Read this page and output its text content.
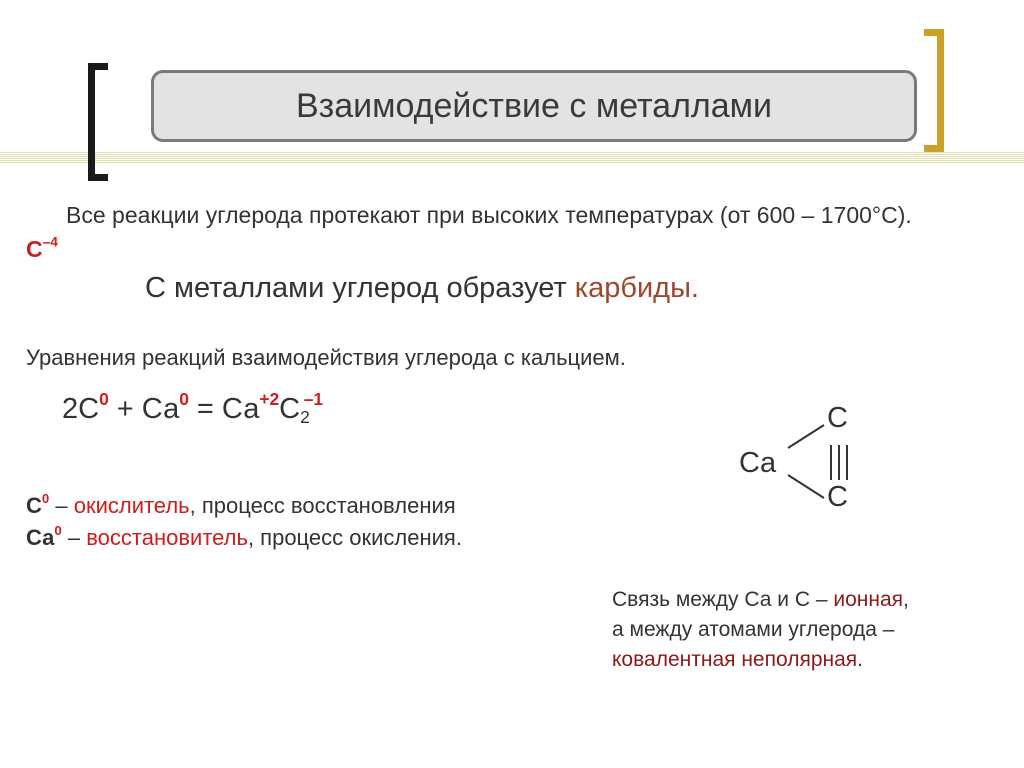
Взаимодействие с металлами
Все реакции углерода протекают при высоких температурах (от 600 – 1700°С). $С^{-4}$
С металлами углерод образует карбиды.
Уравнения реакций взаимодействия углерода с кальцием.
$2С^0 + Са^0 = Са^{+2}С_2^{-1}$
$С^0$ – окислитель, процесс восстановления
$Са^0$ – восстановитель, процесс окисления.
Ca
C
C
Связь между Са и С – ионная,
а между атомами углерода –
ковалентная неполярная.
